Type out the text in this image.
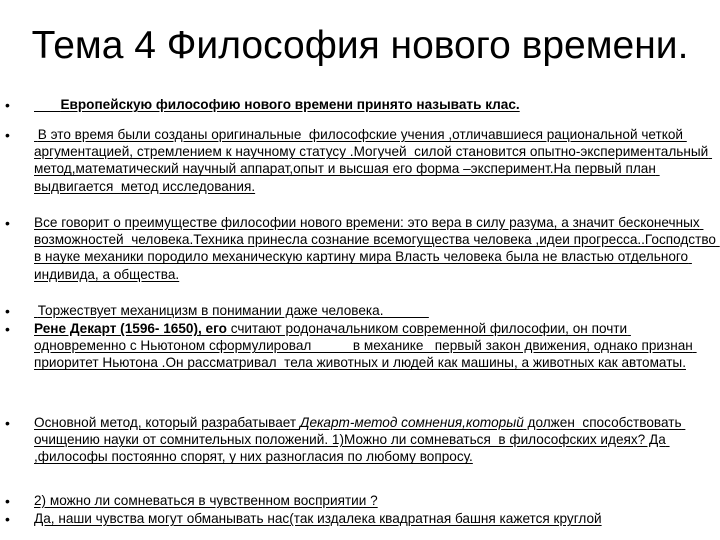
Тема 4 Философия нового времени.
• Европейскую философию нового времени принято называть клас.
• В это время были созданы оригинальные  философские учения ,отличавшиеся рациональной четкой аргументацией, стремлением к научному статусу .Могучей  силой становится опытно-экспериментальный метод,математический научный аппарат,опыт и высшая его форма –эксперимент.На первый план выдвигается  метод исследования.
• Все говорит о преимуществе философии нового времени: это вера в силу разума, а значит бесконечных возможностей  человека.Техника принесла сознание всемогущества человека ,идеи прогресса..Господство в науке механики породило механическую картину мира Власть человека была не властью отдельного индивида, а общества.
• Торжествует механицизм в понимании даже человека.
• Рене Декарт (1596- 1650), его считают родоначальником современной философии, он почти одновременно с Ньютоном сформулировал           в механике   первый закон движения, однако признан приоритет Ньютона .Он рассматривал  тела животных и людей как машины, а животных как автоматы.
• Основной метод, который разрабатывает Декарт-метод сомнения,который должен  способствовать очищению науки от сомнительных положений. 1)Можно ли сомневаться  в философских идеях? Да ,философы постоянно спорят, у них разногласия по любому вопросу.
• 2) можно ли сомневаться в чувственном восприятии ?
• Да, наши чувства могут обманывать нас(так издалека квадратная башня кажется круглой
